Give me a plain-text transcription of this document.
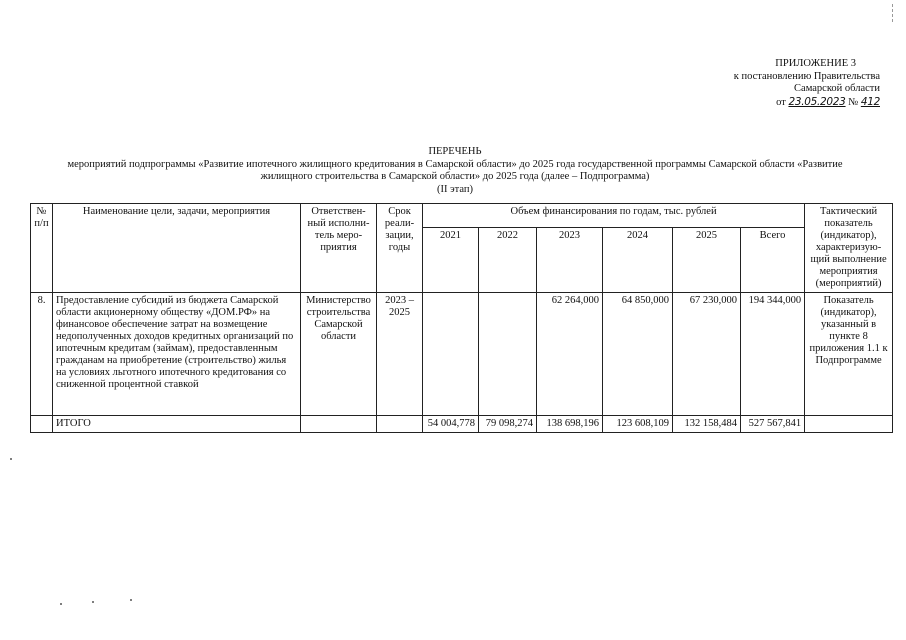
ПРИЛОЖЕНИЕ 3
к постановлению Правительства
Самарской области
от 23.05.2023 № 412
ПЕРЕЧЕНЬ
мероприятий подпрограммы «Развитие ипотечного жилищного кредитования в Самарской области» до 2025 года государственной программы Самарской области «Развитие
жилищного строительства в Самарской области» до 2025 года (далее – Подпрограмма)
(II этап)
№ п/п	Наименование цели, задачи, мероприятия	Ответствен-ный исполни-тель меро-приятия	Срок реали-зации, годы	Объем финансирования по годам, тыс. рублей						Тактический показатель (индикатор), характеризую-щий выполнение мероприятия (мероприятий)
				2021	2022	2023	2024	2025	Всего	
8.	Предоставление субсидий из бюджета Самарской области акционерному обществу «ДОМ.РФ» на финансовое обеспечение затрат на возмещение недополученных доходов кредитных организаций по ипотечным кредитам (займам), предоставленным гражданам на приобретение (строительство) жилья на условиях льготного ипотечного кредитования со сниженной процентной ставкой	Министерство строительства Самарской области	2023 – 2025			62 264,000	64 850,000	67 230,000	194 344,000	Показатель (индикатор), указанный в пункте 8 приложения 1.1 к Подпрограмме
	ИТОГО			54 004,778	79 098,274	138 698,196	123 608,109	132 158,484	527 567,841	
